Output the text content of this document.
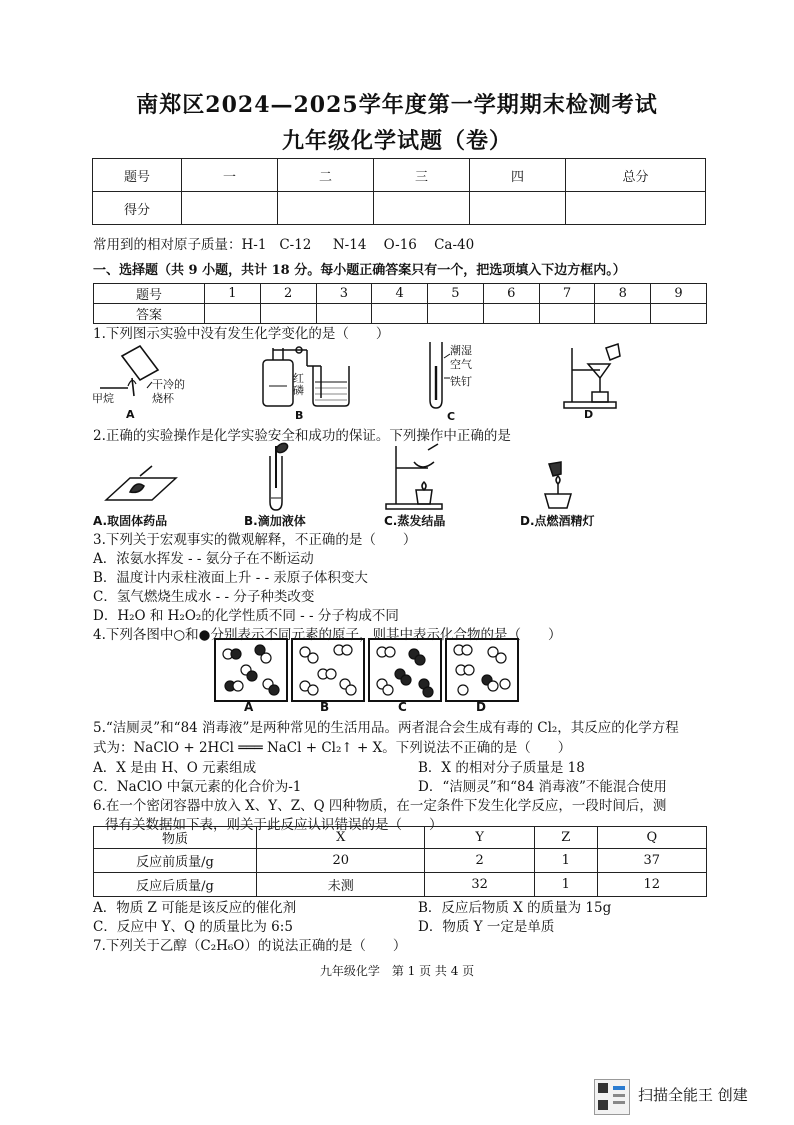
南郑区2024—2025学年度第一学期期末检测考试
九年级化学试题（卷）
题号	一	二	三	四	总分
得分					
常用到的相对原子质量：H-1 C-12 N-14 O-16 Ca-40
一、选择题（共 9 小题，共计 18 分。每小题正确答案只有一个，把选项填入下边方框内。）
题号	1	2	3	4	5	6	7	8	9
答案									
1.下列图示实验中没有发生化学变化的是（　　）
干冷的
烧杯
甲烷
A
红
磷
B
潮湿
空气
铁钉
C	D
2.正确的实验操作是化学实验安全和成功的保证。下列操作中正确的是
A.取固体药品	B.滴加液体	C.蒸发结晶	D.点燃酒精灯
3.下列关于宏观事实的微观解释，不正确的是（　　）
A．浓氨水挥发 - - 氨分子在不断运动
B．温度计内汞柱液面上升 - - 汞原子体积变大
C．氢气燃烧生成水 - - 分子种类改变
D．H₂O 和 H₂O₂的化学性质不同 - - 分子构成不同
4.下列各图中○和●分别表示不同元素的原子，则其中表示化合物的是（　　）
A	B	C	D
5.“洁厕灵”和“84 消毒液”是两种常见的生活用品。两者混合会生成有毒的 Cl₂，其反应的化学方程
式为：NaClO + 2HCl ═══ NaCl + Cl₂↑ + X。下列说法不正确的是（　　）
A．X 是由 H、O 元素组成	B．X 的相对分子质量是 18
C．NaClO 中氯元素的化合价为-1	D．“洁厕灵”和“84 消毒液”不能混合使用
6.在一个密闭容器中放入 X、Y、Z、Q 四种物质，在一定条件下发生化学反应，一段时间后，测
得有关数据如下表，则关于此反应认识错误的是（　　）
物质	X	Y	Z	Q
反应前质量/g	20	2	1	37
反应后质量/g	未测	32	1	12
A．物质 Z 可能是该反应的催化剂	B．反应后物质 X 的质量为 15g
C．反应中 Y、Q 的质量比为 6:5	D．物质 Y 一定是单质
7.下列关于乙醇（C₂H₆O）的说法正确的是（　　）
九年级化学　第 1 页 共 4 页
扫描全能王 创建
